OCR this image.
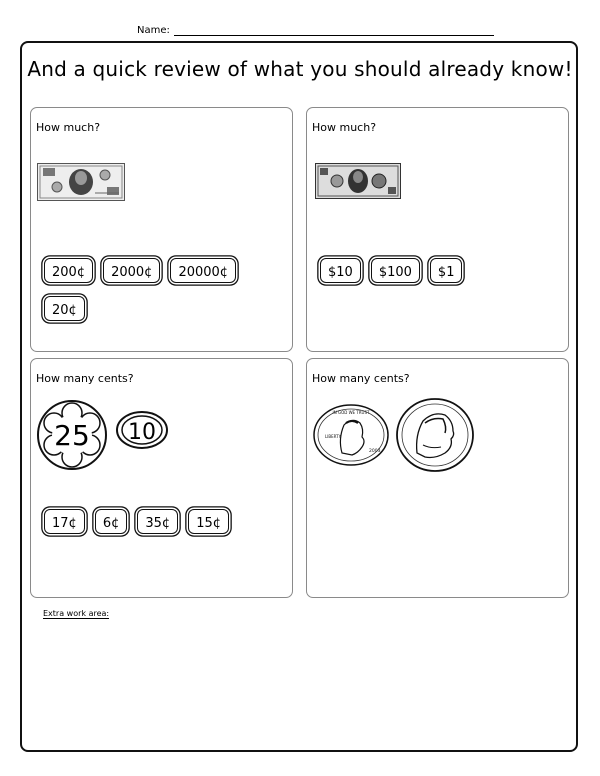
Name:
And a quick review of what you should already know!
How much?
200¢	2000¢	20000¢
20¢
How much?
$10	$100	$1
How many cents?
25 10
17¢	6¢	35¢	15¢
How many cents?
IN GOD WE TRUST
LIBERTY
2003
Extra work area:
